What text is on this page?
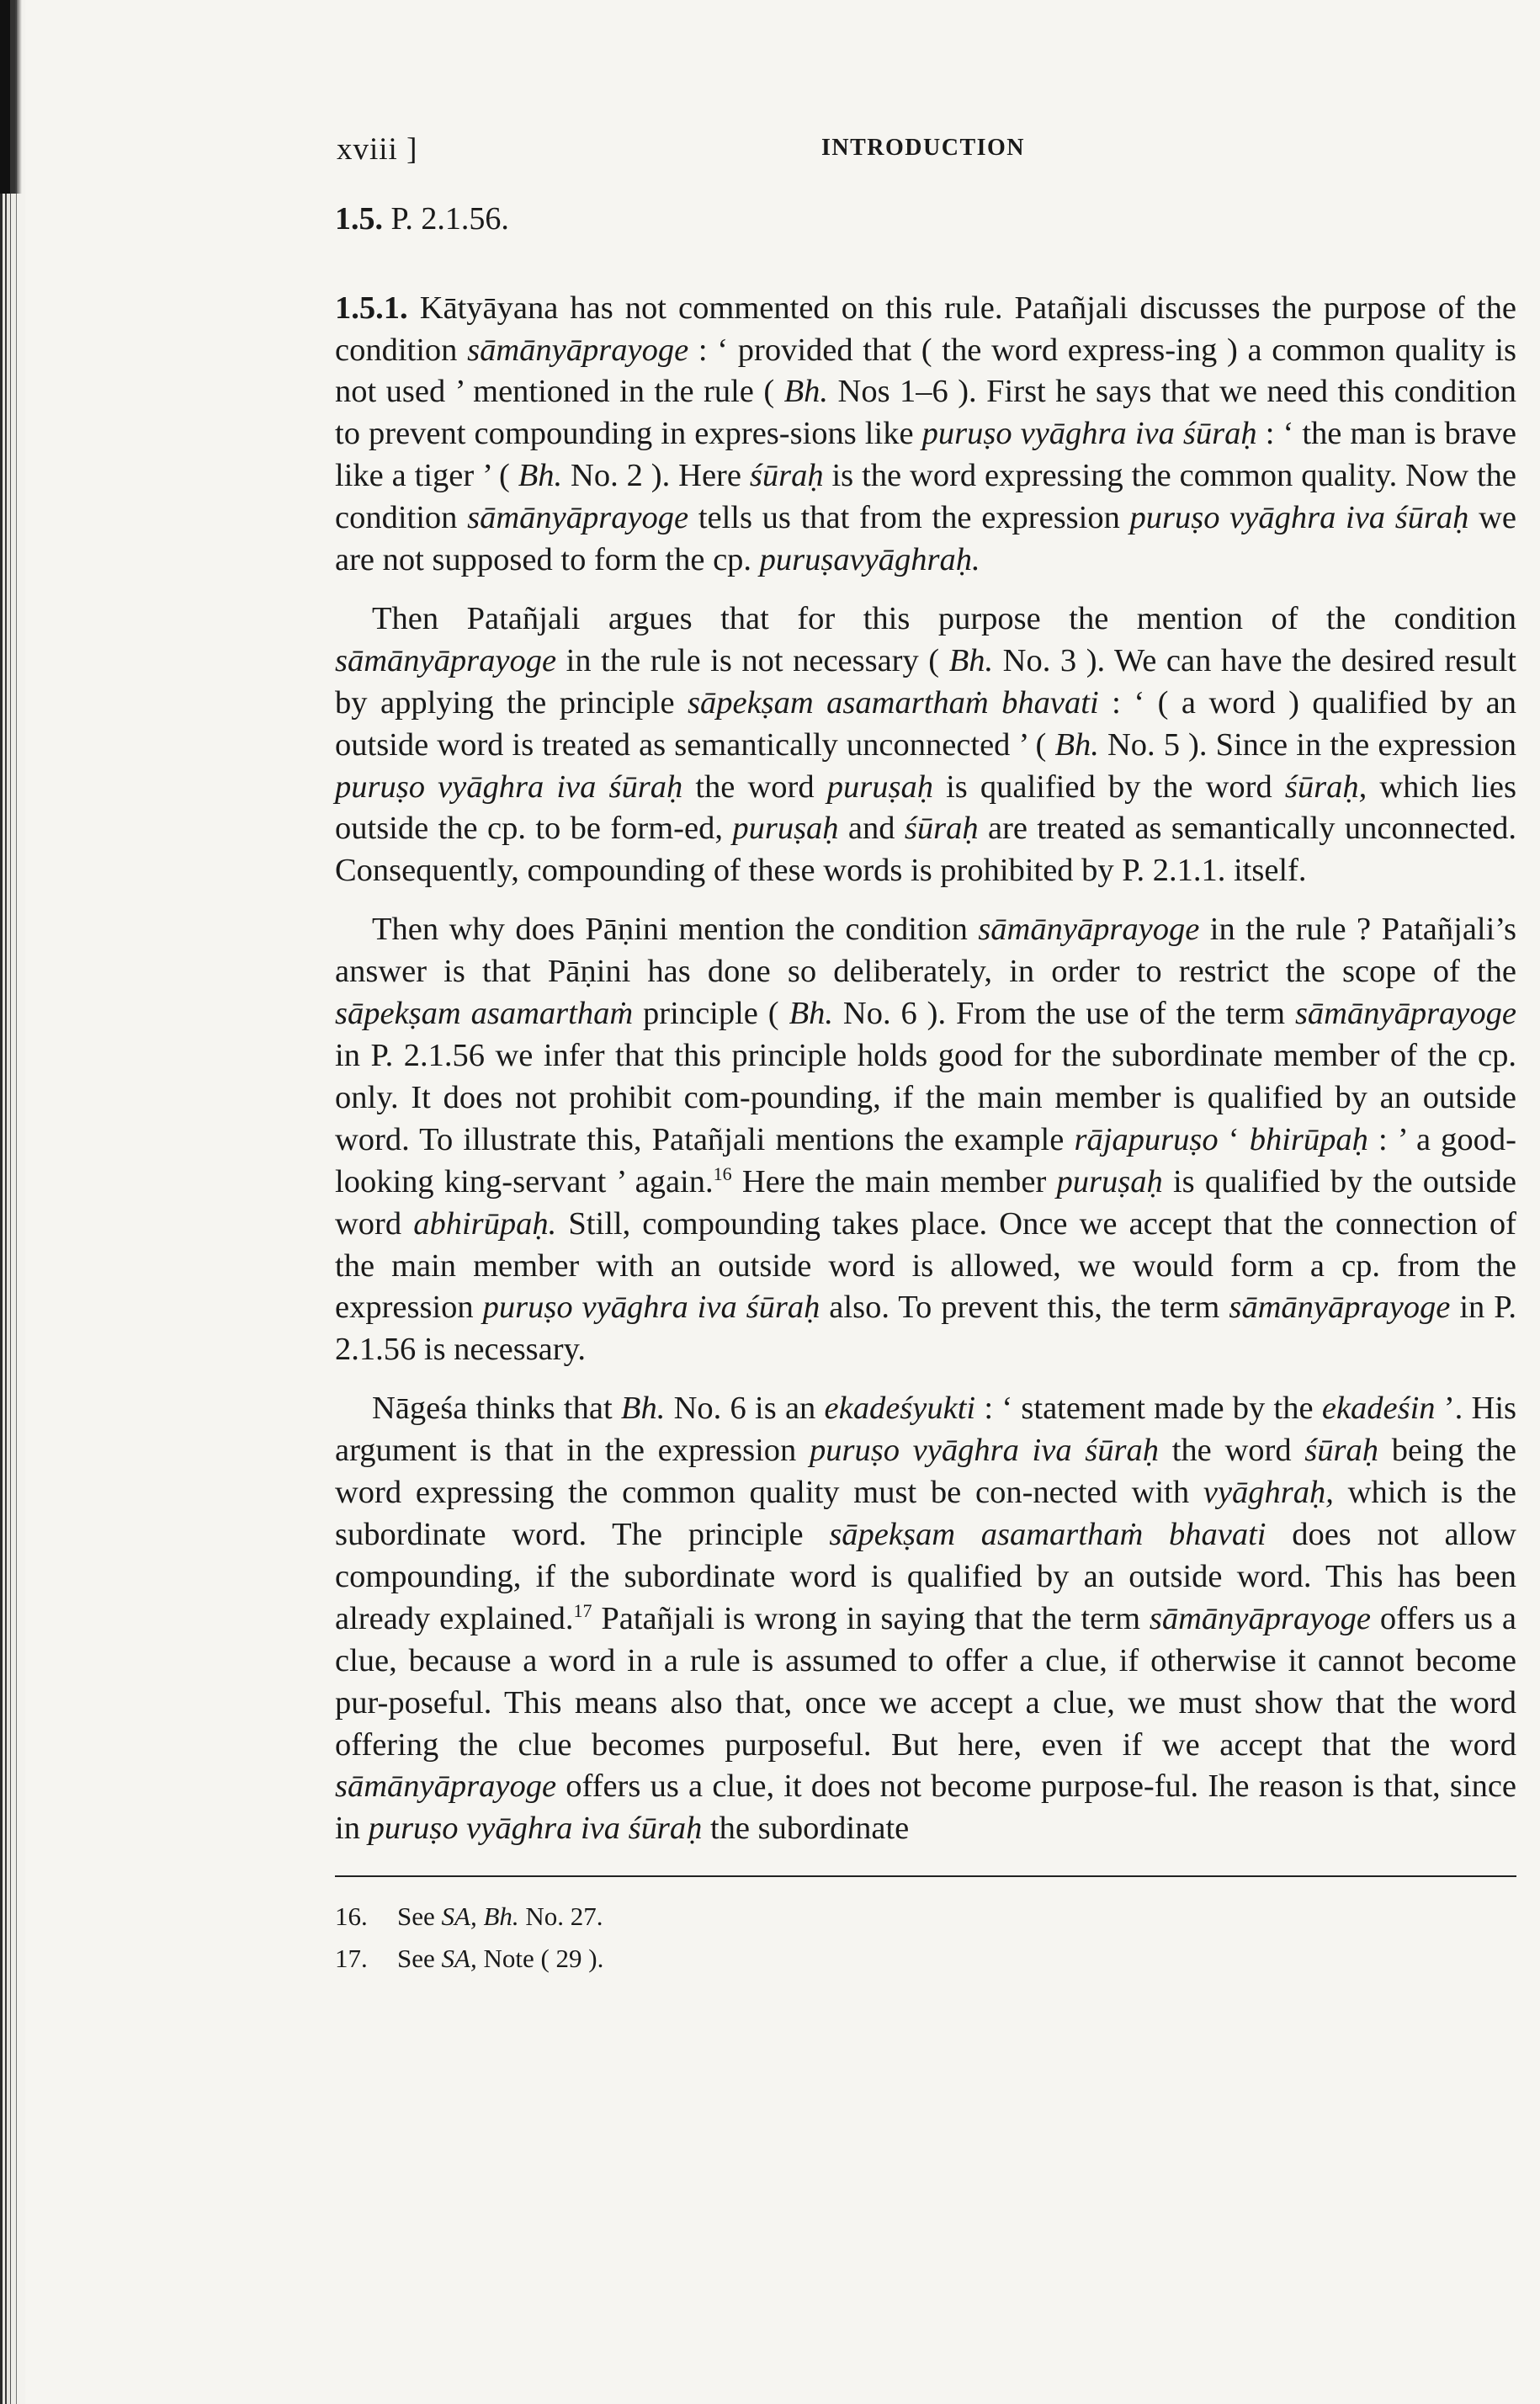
xviii ]	INTRODUCTION
1.5. P. 2.1.56.

1.5.1. Kātyāyana has not commented on this rule. Patañjali discusses the purpose of the condition sāmānyāprayoge : ‘ provided that ( the word express-ing ) a common quality is not used ’ mentioned in the rule ( Bh. Nos 1–6 ). First he says that we need this condition to prevent compounding in expres-sions like puruṣo vyāghra iva śūraḥ : ‘ the man is brave like a tiger ’ ( Bh. No. 2 ). Here śūraḥ is the word expressing the common quality. Now the condition sāmānyāprayoge tells us that from the expression puruṣo vyāghra iva śūraḥ we are not supposed to form the cp. puruṣavyāghraḥ.

Then Patañjali argues that for this purpose the mention of the condition sāmānyāprayoge in the rule is not necessary ( Bh. No. 3 ). We can have the desired result by applying the principle sāpekṣam asamarthaṁ bhavati : ‘ ( a word ) qualified by an outside word is treated as semantically unconnected ’ ( Bh. No. 5 ). Since in the expression puruṣo vyāghra iva śūraḥ the word puruṣaḥ is qualified by the word śūraḥ, which lies outside the cp. to be form-ed, puruṣaḥ and śūraḥ are treated as semantically unconnected. Consequently, compounding of these words is prohibited by P. 2.1.1. itself.

Then why does Pāṇini mention the condition sāmānyāprayoge in the rule ? Patañjali’s answer is that Pāṇini has done so deliberately, in order to restrict the scope of the sāpekṣam asamarthaṁ principle ( Bh. No. 6 ). From the use of the term sāmānyāprayoge in P. 2.1.56 we infer that this principle holds good for the subordinate member of the cp. only. It does not prohibit com-pounding, if the main member is qualified by an outside word. To illustrate this, Patañjali mentions the example rājapuruṣo ‘ bhirūpaḥ : ’ a good-looking king-servant ’ again.$^{16}$ Here the main member puruṣaḥ is qualified by the outside word abhirūpaḥ. Still, compounding takes place. Once we accept that the connection of the main member with an outside word is allowed, we would form a cp. from the expression puruṣo vyāghra iva śūraḥ also. To prevent this, the term sāmānyāprayoge in P. 2.1.56 is necessary.

Nāgeśa thinks that Bh. No. 6 is an ekadeśyukti : ‘ statement made by the ekadeśin ’. His argument is that in the expression puruṣo vyāghra iva śūraḥ the word śūraḥ being the word expressing the common quality must be con-nected with vyāghraḥ, which is the subordinate word. The principle sāpekṣam asamarthaṁ bhavati does not allow compounding, if the subordinate word is qualified by an outside word. This has been already explained.$^{17}$ Patañjali is wrong in saying that the term sāmānyāprayoge offers us a clue, because a word in a rule is assumed to offer a clue, if otherwise it cannot become pur-poseful. This means also that, once we accept a clue, we must show that the word offering the clue becomes purposeful. But here, even if we accept that the word sāmānyāprayoge offers us a clue, it does not become purpose-ful. Ihe reason is that, since in puruṣo vyāghra iva śūraḥ the subordinate

16. See SA, Bh. No. 27.
17. See SA, Note ( 29 ).
